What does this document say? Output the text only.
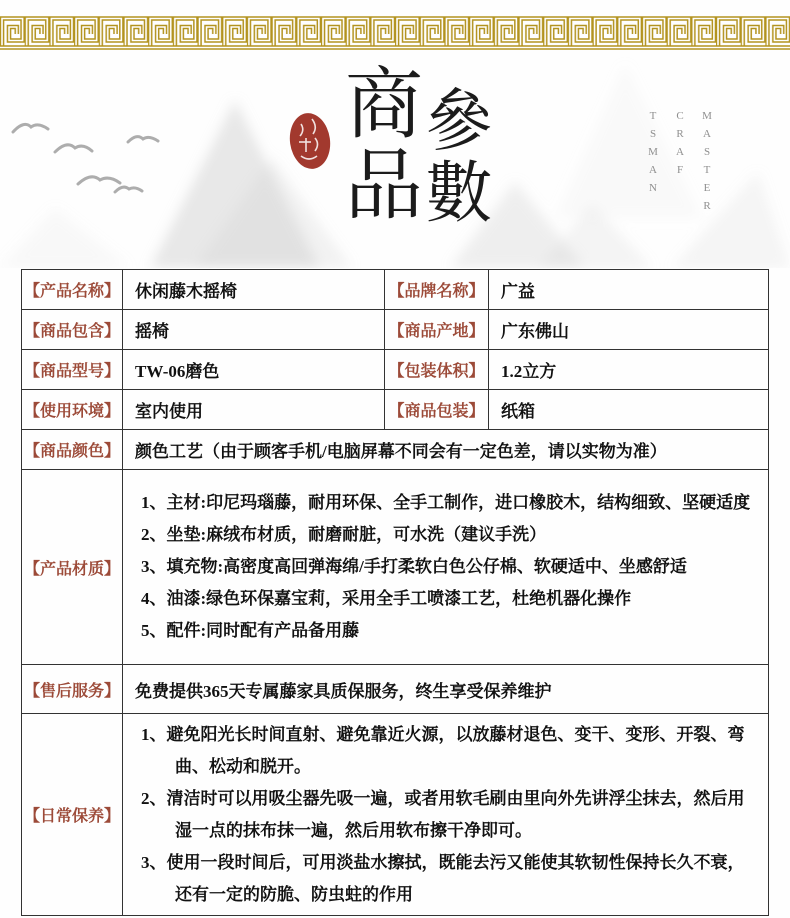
商品
參數	MASTER
CRAF
TSMAN
【产品名称】	休闲藤木摇椅	【品牌名称】	广益
【商品包含】	摇椅	【商品产地】	广东佛山
【商品型号】	TW-06磨色	【包装体积】	1.2立方
【使用环境】	室内使用	【商品包装】	纸箱
【商品颜色】	颜色工艺（由于顾客手机/电脑屏幕不同会有一定色差，请以实物为准）		
【产品材质】	1、主材:印尼玛瑙藤，耐用环保、全手工制作，进口橡胶木，结构细致、坚硬适度
2、坐垫:麻绒布材质，耐磨耐脏，可水洗（建议手洗）
3、填充物:高密度高回弹海绵/手打柔软白色公仔棉、软硬适中、坐感舒适
4、油漆:绿色环保嘉宝莉，采用全手工喷漆工艺，杜绝机器化操作
5、配件:同时配有产品备用藤		

【售后服务】	免费提供365天专属藤家具质保服务，终生享受保养维护		
【日常保养】	1、避免阳光长时间直射、避免靠近火源，以放藤材退色、变干、变形、开裂、弯曲、松动和脱开。
2、清洁时可以用吸尘器先吸一遍，或者用软毛刷由里向外先讲浮尘抹去，然后用湿一点的抹布抹一遍，然后用软布擦干净即可。
3、使用一段时间后，可用淡盐水擦拭，既能去污又能使其软韧性保持长久不衰，还有一定的防脆、防虫蛀的作用		
